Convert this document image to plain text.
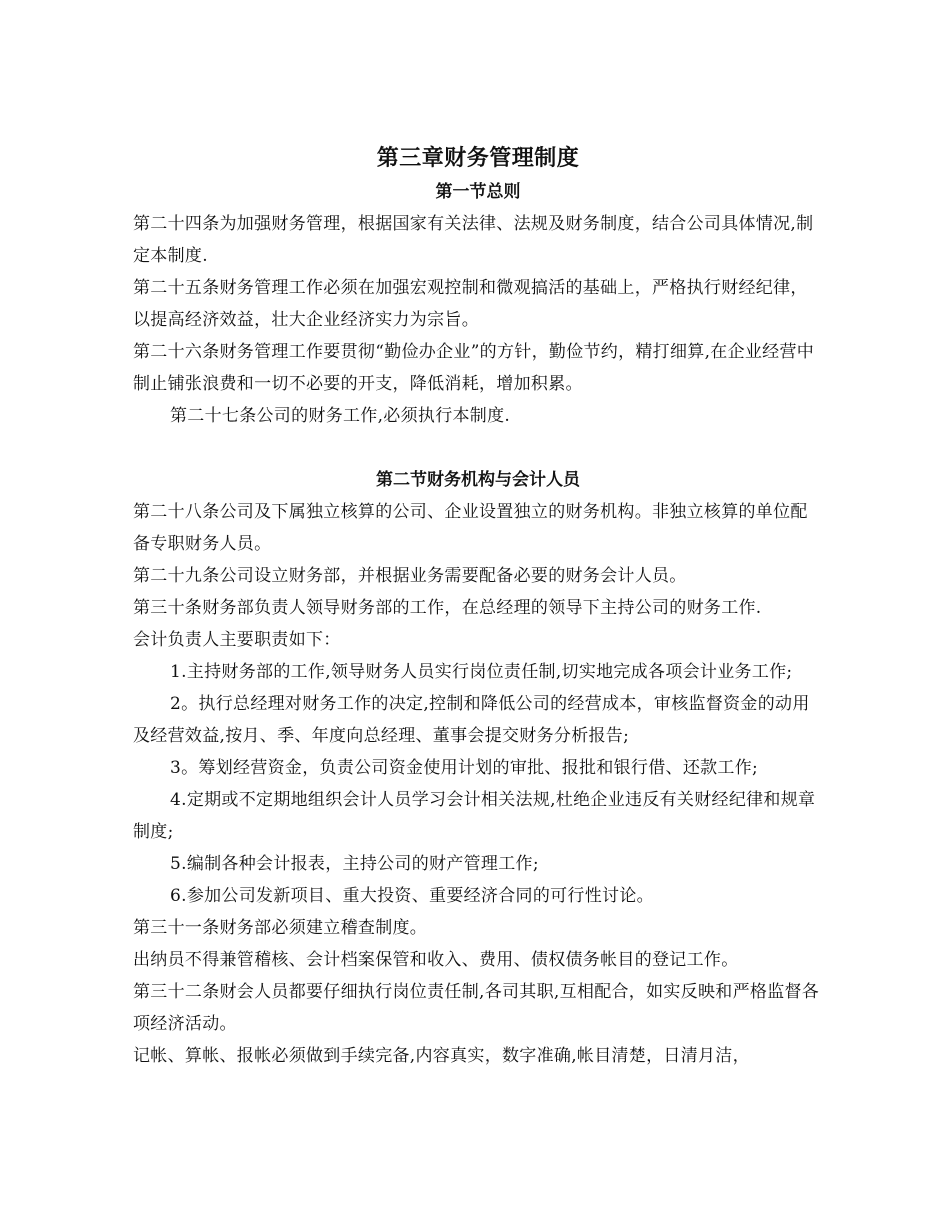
第三章财务管理制度
第一节总则

第二十四条为加强财务管理，根据国家有关法律、法规及财务制度，结合公司具体情况,制定本制度.

第二十五条财务管理工作必须在加强宏观控制和微观搞活的基础上，严格执行财经纪律，以提高经济效益，壮大企业经济实力为宗旨。

第二十六条财务管理工作要贯彻“勤俭办企业”的方针，勤俭节约，精打细算,在企业经营中制止铺张浪费和一切不必要的开支，降低消耗，增加积累。

第二十七条公司的财务工作,必须执行本制度.

第二节财务机构与会计人员

第二十八条公司及下属独立核算的公司、企业设置独立的财务机构。非独立核算的单位配备专职财务人员。

第二十九条公司设立财务部，并根据业务需要配备必要的财务会计人员。

第三十条财务部负责人领导财务部的工作，在总经理的领导下主持公司的财务工作.

会计负责人主要职责如下：

1.主持财务部的工作,领导财务人员实行岗位责任制,切实地完成各项会计业务工作;

2。执行总经理对财务工作的决定,控制和降低公司的经营成本，审核监督资金的动用及经营效益,按月、季、年度向总经理、董事会提交财务分析报告;

3。筹划经营资金，负责公司资金使用计划的审批、报批和银行借、还款工作;

4.定期或不定期地组织会计人员学习会计相关法规,杜绝企业违反有关财经纪律和规章制度;

5.编制各种会计报表，主持公司的财产管理工作;

6.参加公司发新项目、重大投资、重要经济合同的可行性讨论。

第三十一条财务部必须建立稽查制度。

出纳员不得兼管稽核、会计档案保管和收入、费用、债权债务帐目的登记工作。

第三十二条财会人员都要仔细执行岗位责任制,各司其职,互相配合，如实反映和严格监督各项经济活动。

记帐、算帐、报帐必须做到手续完备,内容真实，数字准确,帐目清楚，日清月洁，
